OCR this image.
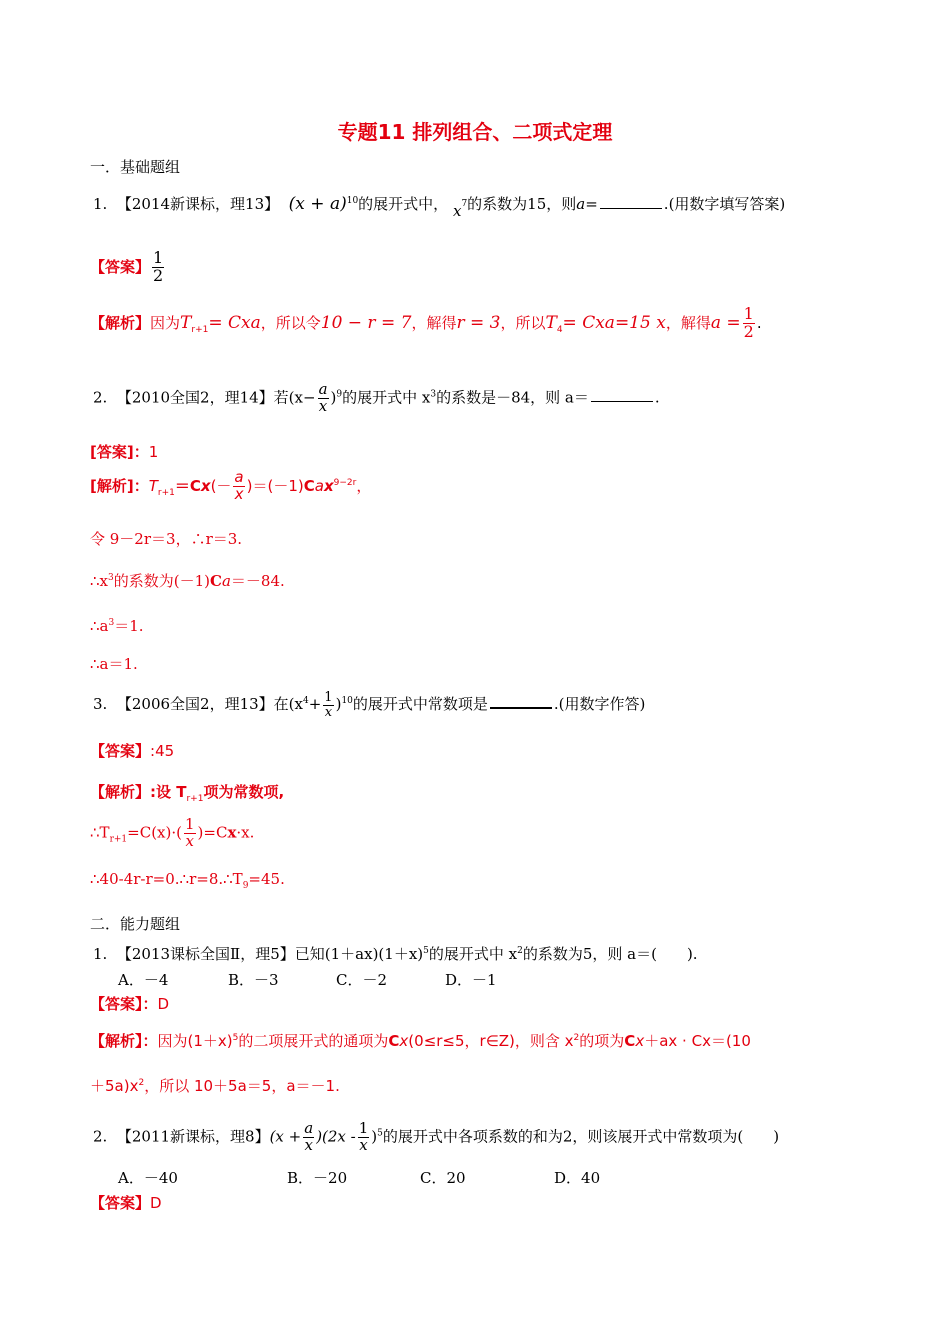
专题11 排列组合、二项式定理
一．基础题组
1. 【2014新课标，理13】 $(x + a)^{10}$的展开式中， $x^7$的系数为15，则a=	.(用数字填写答案)
【答案】 $\frac{1}{2}$
【解析】因为$T_{r+1}=$ Cxa，所以令10 − r = 7，解得r = 3，所以$T_4= Cxa=15$ x，解得$a = \frac{1}{2}$ .
2. 【2010全国2，理14】若$(x- \frac{a}{x} )^9$的展开式中 $x^3$的系数是－84，则 a＝	.
[答案]：1
[解析]：$T_{r+1}=Cx(- \frac{a}{x} )=(-1)Cax^{9-2r}$，
令 9－2r＝3，∴r＝3.
$\therefore x^3$的系数为(－1)Ca＝－84.
$\therefore a^3=1$.
∴a＝1.
3. 【2006全国2，理13】在$(x^4+ \frac{1}{x} )^{10}$的展开式中常数项是	.(用数字作答)
【答案】:45
【解析】:设 $T_{r+1}$项为常数项,
$\therefore T_{r+1}=C(x)\cdot( \frac{1}{x} )=Cx\cdot x$.
$\therefore 40-4r-r=0.\therefore r=8.\therefore T_9=45$.
二．能力题组
1. 【2013课标全国Ⅱ，理5】已知$(1+ax)(1+x)^5$的展开式中 $x^2$的系数为5，则 a＝(　　).
A．－4	B．－3	C．－2	D．－1
【答案】：D
【解析】：因为$(1+x)^5$的二项展开式的通项为Cx(0≤r≤5，r∈Z)，则含 $x^2$的项为Cx＋ax · Cx＝(10
$+5a)x^2$，所以 10＋5a＝5，a＝－1.
2. 【2011新课标，理8】$(x + \frac{a}{x} )(2x - \frac{1}{x} )^5$的展开式中各项系数的和为2，则该展开式中常数项为(　　)
A．－40	B．－20	C．20	D．40
【答案】D
